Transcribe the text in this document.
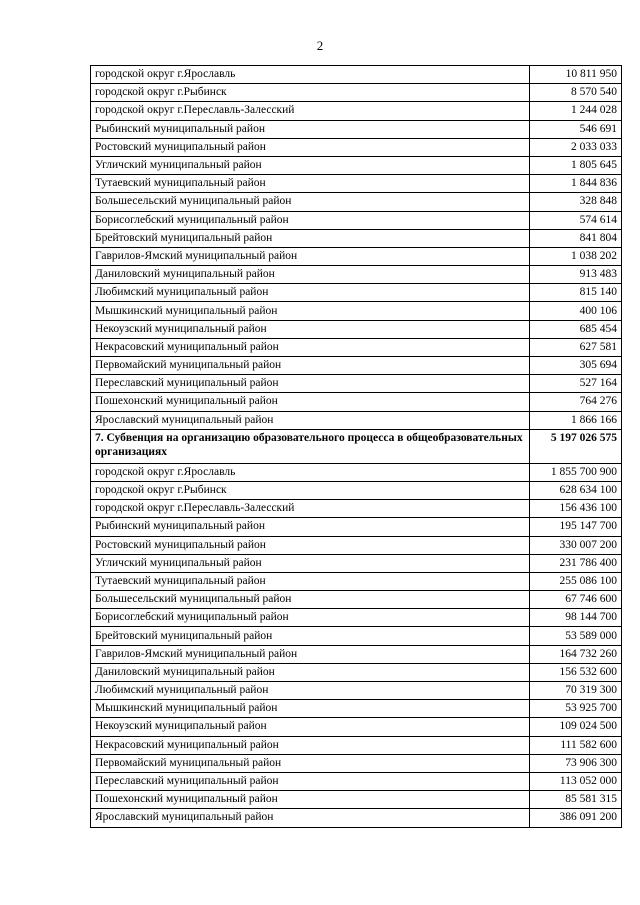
2
городской округ г.Ярославль	10 811 950
городской округ г.Рыбинск	8 570 540
городской округ г.Переславль-Залесский	1 244 028
Рыбинский муниципальный район	546 691
Ростовский муниципальный район	2 033 033
Угличский муниципальный район	1 805 645
Тутаевский муниципальный район	1 844 836
Большесельский муниципальный район	328 848
Борисоглебский муниципальный район	574 614
Брейтовский муниципальный район	841 804
Гаврилов-Ямский муниципальный район	1 038 202
Даниловский муниципальный район	913 483
Любимский муниципальный район	815 140
Мышкинский муниципальный район	400 106
Некоузский муниципальный район	685 454
Некрасовский муниципальный район	627 581
Первомайский муниципальный район	305 694
Переславский муниципальный район	527 164
Пошехонский муниципальный район	764 276
Ярославский муниципальный район	1 866 166
7. Субвенция на организацию образовательного процесса в общеобразовательных организациях	5 197 026 575
городской округ г.Ярославль	1 855 700 900
городской округ г.Рыбинск	628 634 100
городской округ г.Переславль-Залесский	156 436 100
Рыбинский муниципальный район	195 147 700
Ростовский муниципальный район	330 007 200
Угличский муниципальный район	231 786 400
Тутаевский муниципальный район	255 086 100
Большесельский муниципальный район	67 746 600
Борисоглебский муниципальный район	98 144 700
Брейтовский муниципальный район	53 589 000
Гаврилов-Ямский муниципальный район	164 732 260
Даниловский муниципальный район	156 532 600
Любимский муниципальный район	70 319 300
Мышкинский муниципальный район	53 925 700
Некоузский муниципальный район	109 024 500
Некрасовский муниципальный район	111 582 600
Первомайский муниципальный район	73 906 300
Переславский муниципальный район	113 052 000
Пошехонский муниципальный район	85 581 315
Ярославский муниципальный район	386 091 200
